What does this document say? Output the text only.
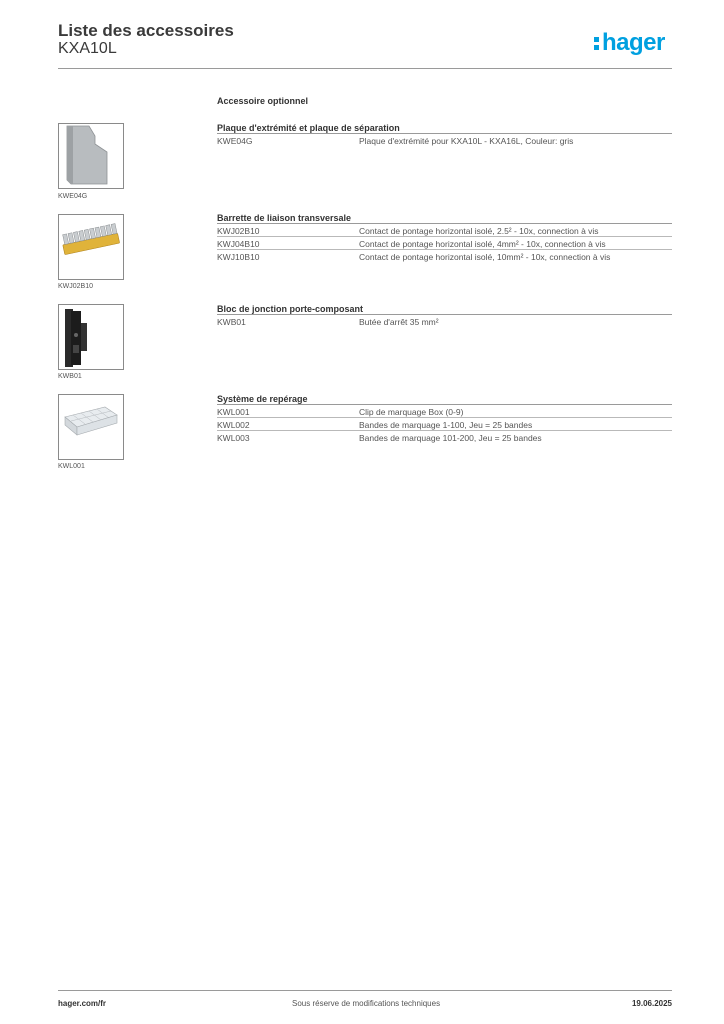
Liste des accessoires
KXA10L	hager
Accessoire optionnel
KWE04G
KWJ02B10
KWB01
KWL001
Plaque d'extrémité et plaque de séparation
KWE04G	Plaque d'extrémité pour KXA10L - KXA16L, Couleur: gris
Barrette de liaison transversale
KWJ02B10	Contact de pontage horizontal isolé, 2.5² - 10x, connection à vis
KWJ04B10	Contact de pontage horizontal isolé, 4mm² - 10x, connection à vis
KWJ10B10	Contact de pontage horizontal isolé, 10mm² - 10x, connection à vis
Bloc de jonction porte-composant
KWB01	Butée d'arrêt 35 mm²
Système de repérage
KWL001	Clip de marquage Box (0-9)
KWL002	Bandes de marquage 1-100, Jeu = 25 bandes
KWL003	Bandes de marquage 101-200, Jeu = 25 bandes
hager.com/fr	Sous réserve de modifications techniques	19.06.2025
